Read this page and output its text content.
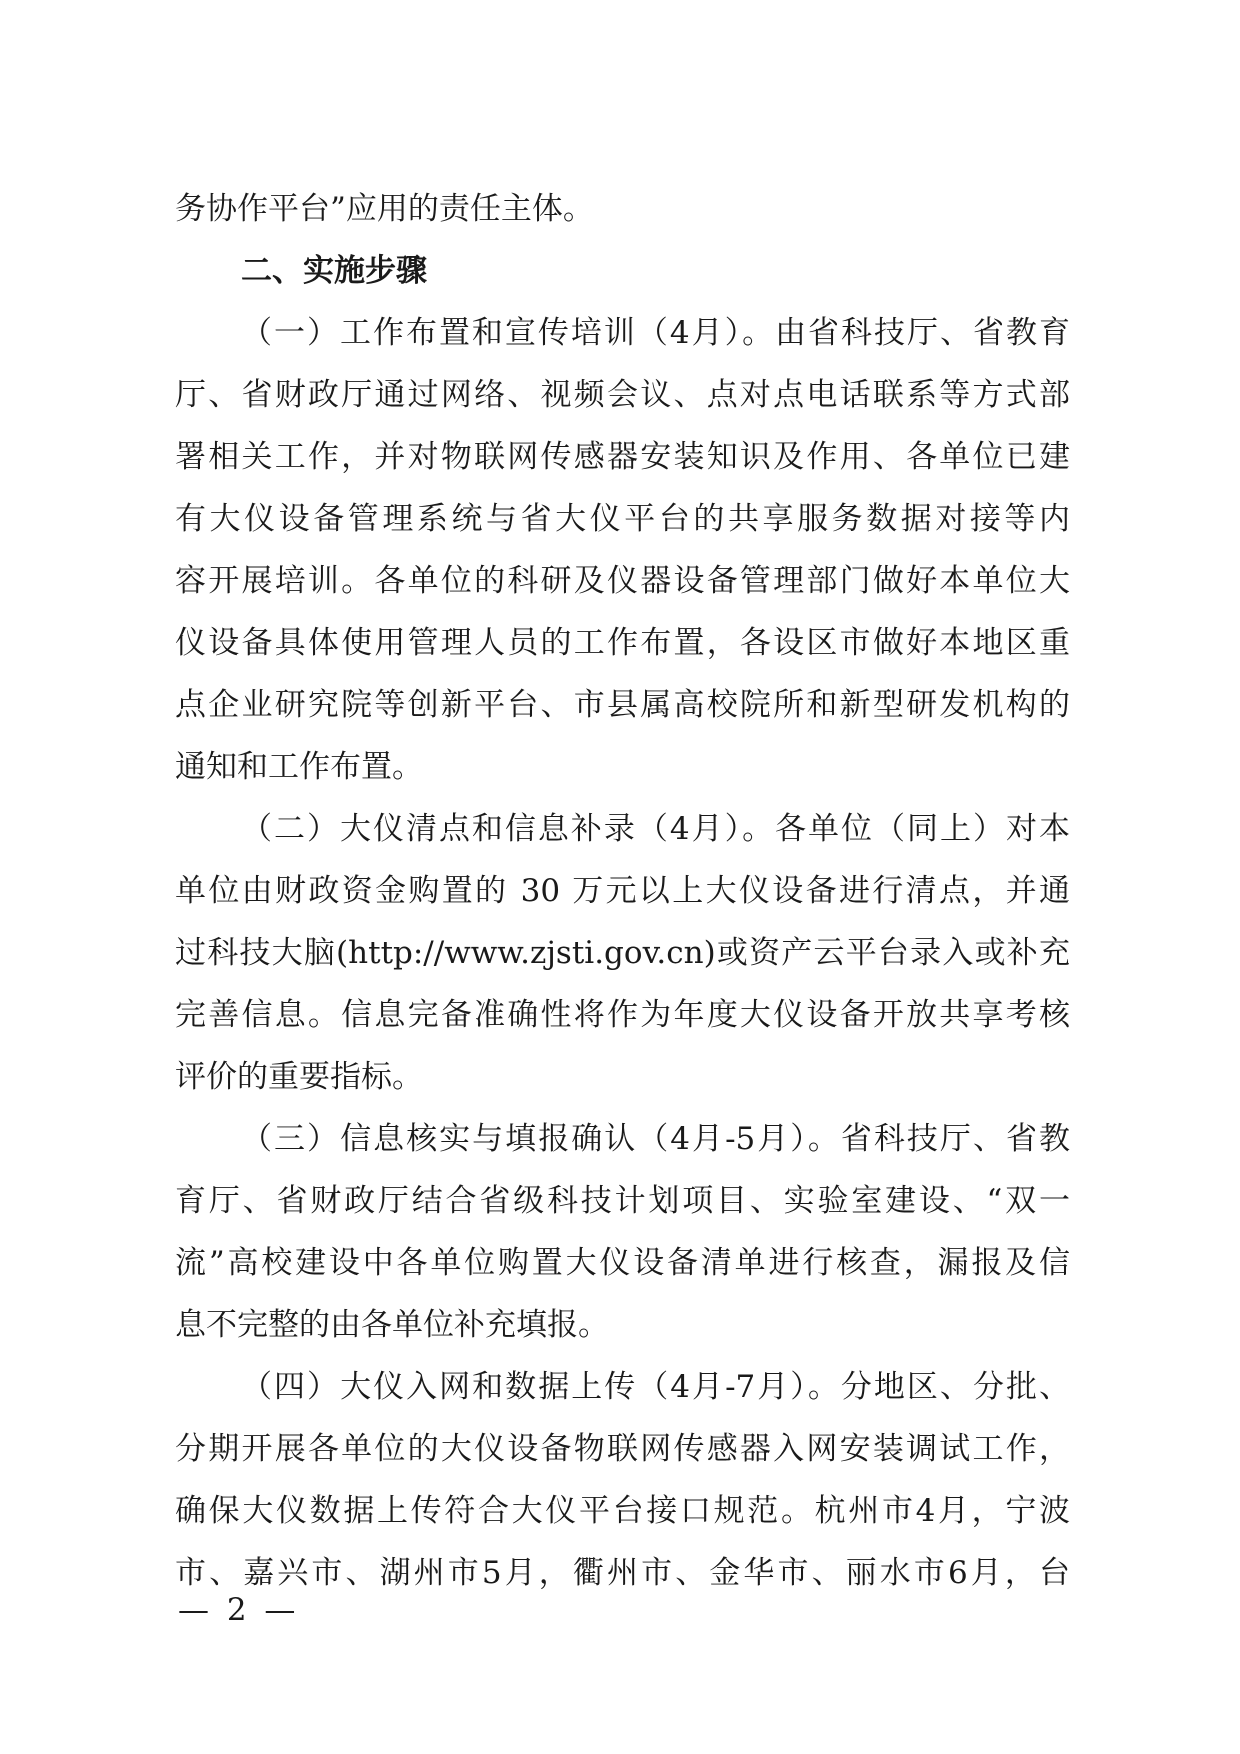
务协作平台”应用的责任主体。
二、实施步骤
（一）工作布置和宣传培训（4月）。由省科技厅、省教育
厅、省财政厅通过网络、视频会议、点对点电话联系等方式部
署相关工作，并对物联网传感器安装知识及作用、各单位已建
有大仪设备管理系统与省大仪平台的共享服务数据对接等内
容开展培训。各单位的科研及仪器设备管理部门做好本单位大
仪设备具体使用管理人员的工作布置，各设区市做好本地区重
点企业研究院等创新平台、市县属高校院所和新型研发机构的
通知和工作布置。
（二）大仪清点和信息补录（4月）。各单位（同上）对本
单位由财政资金购置的 30 万元以上大仪设备进行清点，并通
过科技大脑(http://www.zjsti.gov.cn)或资产云平台录入或补充
完善信息。信息完备准确性将作为年度大仪设备开放共享考核
评价的重要指标。
（三）信息核实与填报确认（4月-5月）。省科技厅、省教
育厅、省财政厅结合省级科技计划项目、实验室建设、“双一
流”高校建设中各单位购置大仪设备清单进行核查，漏报及信
息不完整的由各单位补充填报。
（四）大仪入网和数据上传（4月-7月）。分地区、分批、
分期开展各单位的大仪设备物联网传感器入网安装调试工作，
确保大仪数据上传符合大仪平台接口规范。杭州市4月，宁波
市、嘉兴市、湖州市5月，衢州市、金华市、丽水市6月，台
— 2 —
